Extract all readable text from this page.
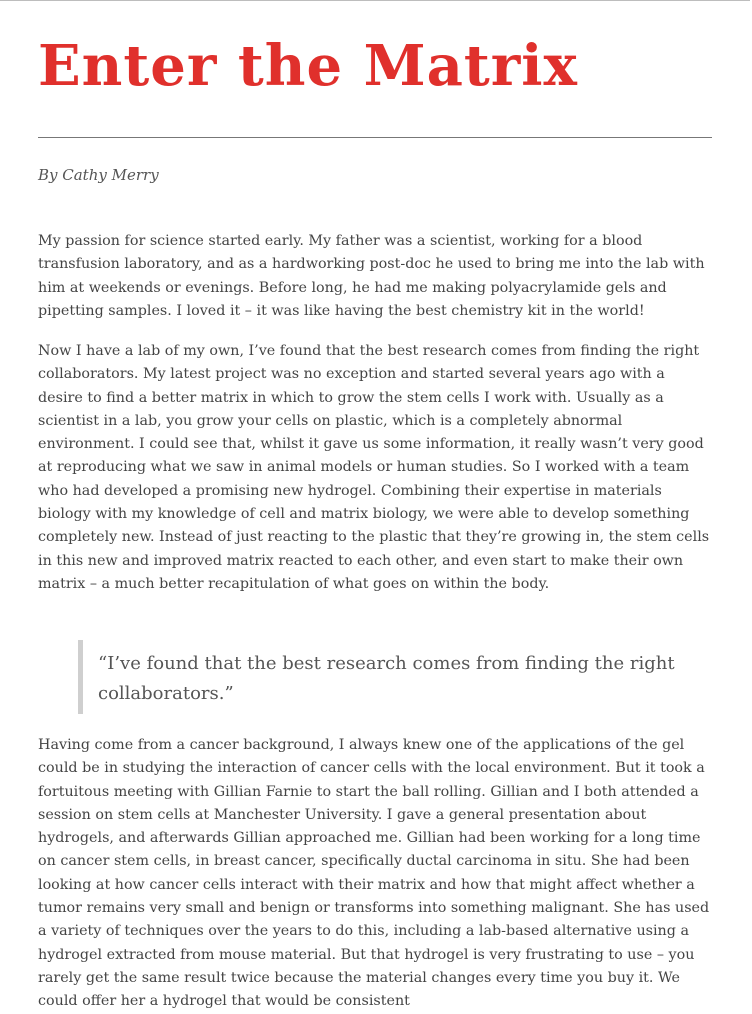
Enter the Matrix

By Cathy Merry

My passion for science started early. My father was a scientist, working for a blood transfusion laboratory, and as a hardworking post-doc he used to bring me into the lab with him at weekends or evenings. Before long, he had me making polyacrylamide gels and pipetting samples. I loved it – it was like having the best chemistry kit in the world!

Now I have a lab of my own, I’ve found that the best research comes from finding the right collaborators. My latest project was no exception and started several years ago with a desire to find a better matrix in which to grow the stem cells I work with. Usually as a scientist in a lab, you grow your cells on plastic, which is a completely abnormal environment. I could see that, whilst it gave us some information, it really wasn’t very good at reproducing what we saw in animal models or human studies. So I worked with a team who had developed a promising new hydrogel. Combining their expertise in materials biology with my knowledge of cell and matrix biology, we were able to develop something completely new. Instead of just reacting to the plastic that they’re growing in, the stem cells in this new and improved matrix reacted to each other, and even start to make their own matrix – a much better recapitulation of what goes on within the body.

“I’ve found that the best research comes from finding the right collaborators.”

Having come from a cancer background, I always knew one of the applications of the gel could be in studying the interaction of cancer cells with the local environment. But it took a fortuitous meeting with Gillian Farnie to start the ball rolling. Gillian and I both attended a session on stem cells at Manchester University. I gave a general presentation about hydrogels, and afterwards Gillian approached me. Gillian had been working for a long time on cancer stem cells, in breast cancer, specifically ductal carcinoma in situ. She had been looking at how cancer cells interact with their matrix and how that might affect whether a tumor remains very small and benign or transforms into something malignant. She has used a variety of techniques over the years to do this, including a lab-based alternative using a hydrogel extracted from mouse material. But that hydrogel is very frustrating to use – you rarely get the same result twice because the material changes every time you buy it. We could offer her a hydrogel that would be consistent
